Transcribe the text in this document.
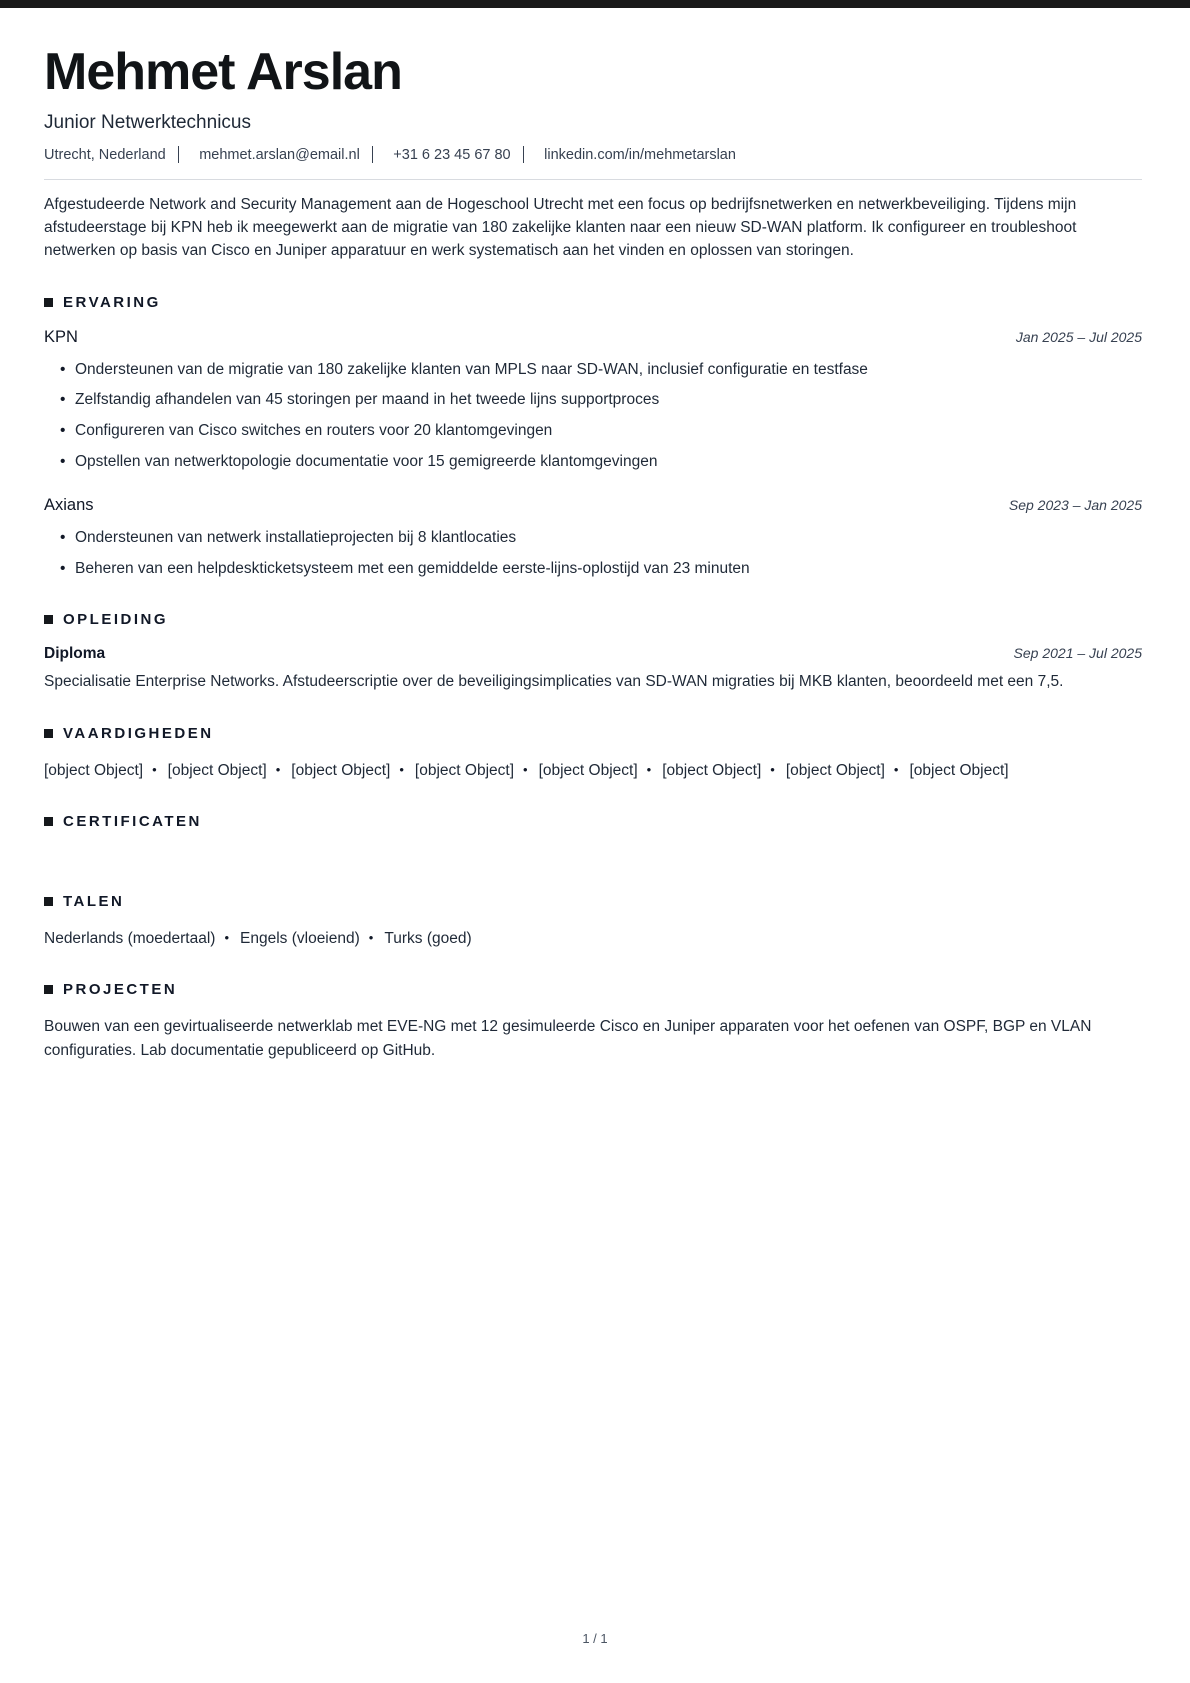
Mehmet Arslan
Junior Netwerktechnicus
Utrecht, Nederland mehmet.arslan@email.nl +31 6 23 45 67 80 linkedin.com/in/mehmetarslan

Afgestudeerde Network and Security Management aan de Hogeschool Utrecht met een focus op bedrijfsnetwerken en netwerkbeveiliging. Tijdens mijn afstudeerstage bij KPN heb ik meegewerkt aan de migratie van 180 zakelijke klanten naar een nieuw SD-WAN platform. Ik configureer en troubleshoot netwerken op basis van Cisco en Juniper apparatuur en werk systematisch aan het vinden en oplossen van storingen.

ERVARING
KPN	Jan 2025 – Jul 2025
• Ondersteunen van de migratie van 180 zakelijke klanten van MPLS naar SD-WAN, inclusief configuratie en testfase
• Zelfstandig afhandelen van 45 storingen per maand in het tweede lijns supportproces
• Configureren van Cisco switches en routers voor 20 klantomgevingen
• Opstellen van netwerktopologie documentatie voor 15 gemigreerde klantomgevingen
Axians	Sep 2023 – Jan 2025
• Ondersteunen van netwerk installatieprojecten bij 8 klantlocaties
• Beheren van een helpdeskticketsysteem met een gemiddelde eerste-lijns-oplostijd van 23 minuten
OPLEIDING
Diploma	Sep 2021 – Jul 2025

Specialisatie Enterprise Networks. Afstudeerscriptie over de beveiligingsimplicaties van SD-WAN migraties bij MKB klanten, beoordeeld met een 7,5.

VAARDIGHEDEN
[object Object] • [object Object] • [object Object] • [object Object] • [object Object] • [object Object] • [object Object] • [object Object]
CERTIFICATEN
TALEN
Nederlands (moedertaal) • Engels (vloeiend) • Turks (goed)
PROJECTEN

Bouwen van een gevirtualiseerde netwerklab met EVE-NG met 12 gesimuleerde Cisco en Juniper apparaten voor het oefenen van OSPF, BGP en VLAN configuraties. Lab documentatie gepubliceerd op GitHub.

1 / 1
